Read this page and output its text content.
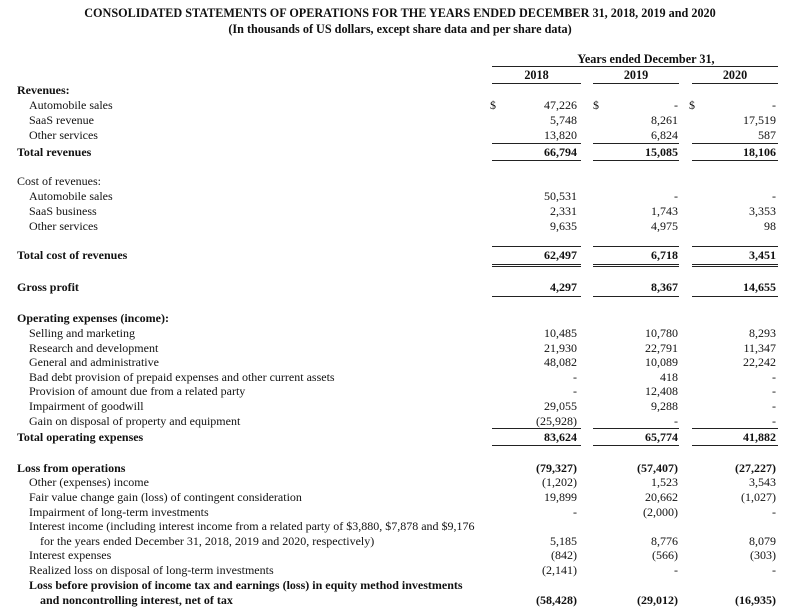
CONSOLIDATED STATEMENTS OF OPERATIONS FOR THE YEARS ENDED DECEMBER 31, 2018, 2019 and 2020
(In thousands of US dollars, except share data and per share data)
Years ended December 31,
2018	2019	2020
Revenues:
Automobile sales	$	47,226 $	- $	-
SaaS revenue	5,748	8,261	17,519
Other services	13,820	6,824	587
Total revenues	66,794	15,085	18,106
Cost of revenues:
Automobile sales	50,531	-	-
SaaS business	2,331	1,743	3,353
Other services	9,635	4,975	98
Total cost of revenues	62,497	6,718	3,451
Gross profit	4,297	8,367	14,655
Operating expenses (income):
Selling and marketing	10,485	10,780	8,293
Research and development	21,930	22,791	11,347
General and administrative	48,082	10,089	22,242
Bad debt provision of prepaid expenses and other current assets	-	418	-
Provision of amount due from a related party	-	12,408	-
Impairment of goodwill	29,055	9,288	-
Gain on disposal of property and equipment	(25,928)	-	-
Total operating expenses	83,624	65,774	41,882
Loss from operations	(79,327)	(57,407)	(27,227)
Other (expenses) income	(1,202)	1,523	3,543
Fair value change gain (loss) of contingent consideration	19,899	20,662	(1,027)
Impairment of long-term investments	-	(2,000)	-
Interest income (including interest income from a related party of $3,880, $7,878 and $9,176
for the years ended December 31, 2018, 2019 and 2020, respectively)	5,185	8,776	8,079
Interest expenses	(842)	(566)	(303)
Realized loss on disposal of long-term investments	(2,141)	-	-
Loss before provision of income tax and earnings (loss) in equity method investments
and noncontrolling interest, net of tax	(58,428)	(29,012)	(16,935)
